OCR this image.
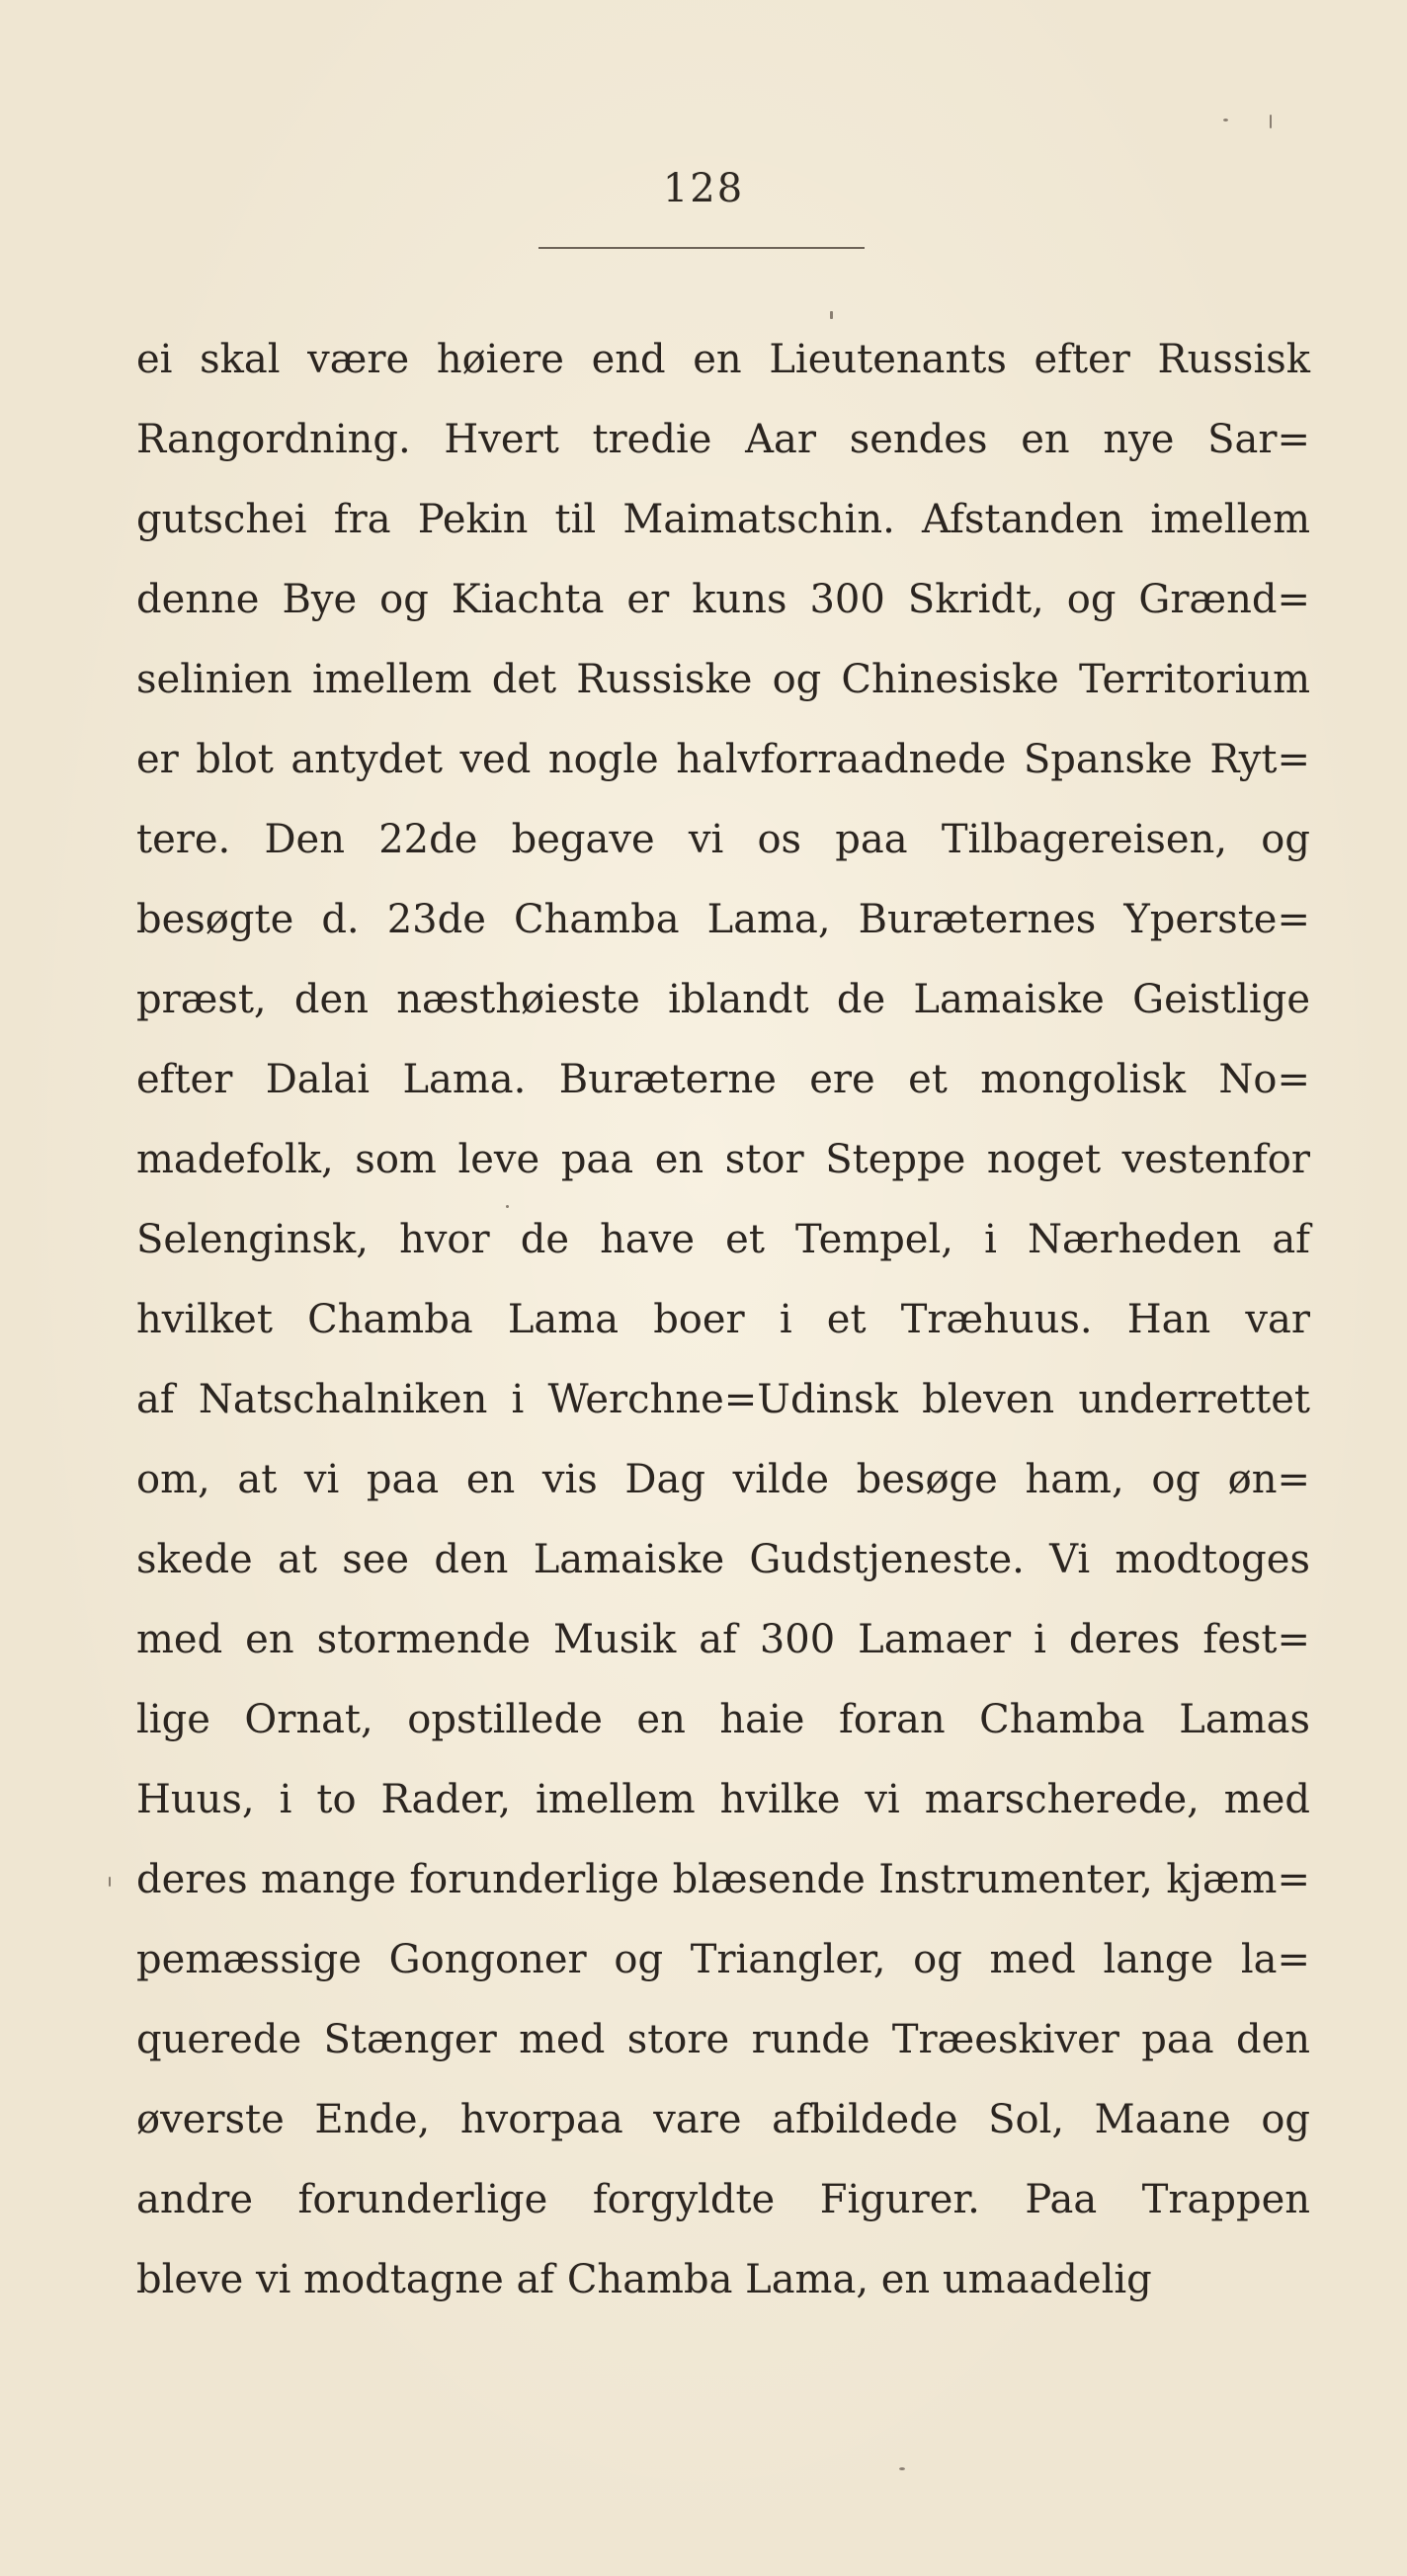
128
ei skal være høiere end en Lieutenants efter Russisk
Rangordning. Hvert tredie Aar sendes en nye Sar=
gutschei fra Pekin til Maimatschin. Afstanden imellem
denne Bye og Kiachta er kuns 300 Skridt, og Grænd=
selinien imellem det Russiske og Chinesiske Territorium
er blot antydet ved nogle halvforraadnede Spanske Ryt=
tere. Den 22de begave vi os paa Tilbagereisen, og
besøgte d. 23de Chamba Lama, Buræternes Yperste=
præst, den næsthøieste iblandt de Lamaiske Geistlige
efter Dalai Lama. Buræterne ere et mongolisk No=
madefolk, som leve paa en stor Steppe noget vestenfor
Selenginsk, hvor de have et Tempel, i Nærheden af
hvilket Chamba Lama boer i et Træhuus. Han var
af Natschalniken i Werchne=Udinsk bleven underrettet
om, at vi paa en vis Dag vilde besøge ham, og øn=
skede at see den Lamaiske Gudstjeneste. Vi modtoges
med en stormende Musik af 300 Lamaer i deres fest=
lige Ornat, opstillede en haie foran Chamba Lamas
Huus, i to Rader, imellem hvilke vi marscherede, med
deres mange forunderlige blæsende Instrumenter, kjæm=
pemæssige Gongoner og Triangler, og med lange la=
querede Stænger med store runde Træeskiver paa den
øverste Ende, hvorpaa vare afbildede Sol, Maane og
andre forunderlige forgyldte Figurer. Paa Trappen
bleve vi modtagne af Chamba Lama, en umaadelig
